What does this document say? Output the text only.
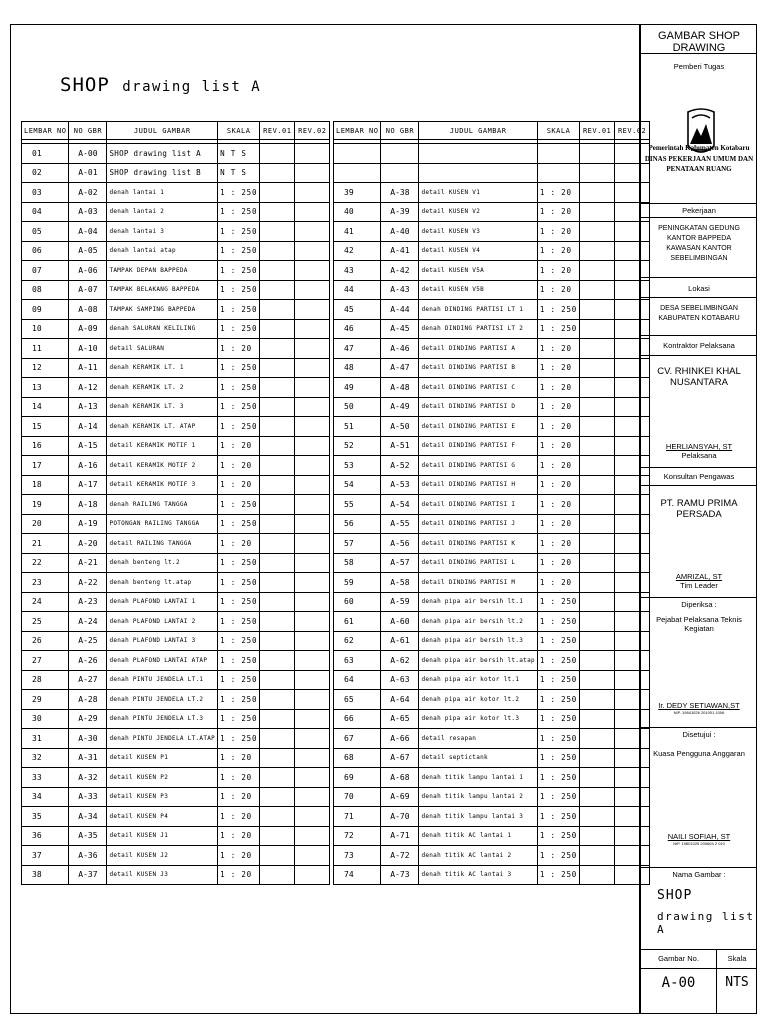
SHOP drawing list A
LEMBAR NO	NO GBR	JUDUL GAMBAR	SKALA	REV.01	REV.02

01	A-00	SHOP drawing list A	N T S		
02	A-01	SHOP drawing list B	N T S		
03	A-02	denah lantai 1	1 : 250		
04	A-03	denah lantai 2	1 : 250		
05	A-04	denah lantai 3	1 : 250		
06	A-05	denah lantai atap	1 : 250		
07	A-06	TAMPAK DEPAN BAPPEDA	1 : 250		
08	A-07	TAMPAK BELAKANG BAPPEDA	1 : 250		
09	A-08	TAMPAK SAMPING BAPPEDA	1 : 250		
10	A-09	denah SALURAN KELILING	1 : 250		
11	A-10	detail SALURAN	1 : 20		
12	A-11	denah KERAMIK LT. 1	1 : 250		
13	A-12	denah KERAMIK LT. 2	1 : 250		
14	A-13	denah KERAMIK LT. 3	1 : 250		
15	A-14	denah KERAMIK LT. ATAP	1 : 250		
16	A-15	detail KERAMIK MOTIF 1	1 : 20		
17	A-16	detail KERAMIK MOTIF 2	1 : 20		
18	A-17	detail KERAMIK MOTIF 3	1 : 20		
19	A-18	denah RAILING TANGGA	1 : 250		
20	A-19	POTONGAN RAILING TANGGA	1 : 250		
21	A-20	detail RAILING TANGGA	1 : 20		
22	A-21	denah benteng lt.2	1 : 250		
23	A-22	denah benteng lt.atap	1 : 250		
24	A-23	denah PLAFOND LANTAI 1	1 : 250		
25	A-24	denah PLAFOND LANTAI 2	1 : 250		
26	A-25	denah PLAFOND LANTAI 3	1 : 250		
27	A-26	denah PLAFOND LANTAI ATAP	1 : 250		
28	A-27	denah PINTU JENDELA LT.1	1 : 250		
29	A-28	denah PINTU JENDELA LT.2	1 : 250		
30	A-29	denah PINTU JENDELA LT.3	1 : 250		
31	A-30	denah PINTU JENDELA LT.ATAP	1 : 250		
32	A-31	detail KUSEN P1	1 : 20		
33	A-32	detail KUSEN P2	1 : 20		
34	A-33	detail KUSEN P3	1 : 20		
35	A-34	detail KUSEN P4	1 : 20		
36	A-35	detail KUSEN J1	1 : 20		
37	A-36	detail KUSEN J2	1 : 20		
38	A-37	detail KUSEN J3	1 : 20		
LEMBAR NO	NO GBR	JUDUL GAMBAR	SKALA	REV.01	REV.02

39	A-38	detail KUSEN V1	1 : 20		
40	A-39	detail KUSEN V2	1 : 20		
41	A-40	detail KUSEN V3	1 : 20		
42	A-41	detail KUSEN V4	1 : 20		
43	A-42	detail KUSEN V5A	1 : 20		
44	A-43	detail KUSEN V5B	1 : 20		
45	A-44	denah DINDING PARTISI LT 1	1 : 250		
46	A-45	denah DINDING PARTISI LT 2	1 : 250		
47	A-46	detail DINDING PARTISI A	1 : 20		
48	A-47	detail DINDING PARTISI B	1 : 20		
49	A-48	detail DINDING PARTISI C	1 : 20		
50	A-49	detail DINDING PARTISI D	1 : 20		
51	A-50	detail DINDING PARTISI E	1 : 20		
52	A-51	detail DINDING PARTISI F	1 : 20		
53	A-52	detail DINDING PARTISI G	1 : 20		
54	A-53	detail DINDING PARTISI H	1 : 20		
55	A-54	detail DINDING PARTISI I	1 : 20		
56	A-55	detail DINDING PARTISI J	1 : 20		
57	A-56	detail DINDING PARTISI K	1 : 20		
58	A-57	detail DINDING PARTISI L	1 : 20		
59	A-58	detail DINDING PARTISI M	1 : 20		
60	A-59	denah pipa air bersih lt.1	1 : 250		
61	A-60	denah pipa air bersih lt.2	1 : 250		
62	A-61	denah pipa air bersih lt.3	1 : 250		
63	A-62	denah pipa air bersih lt.atap	1 : 250		
64	A-63	denah pipa air kotor lt.1	1 : 250		
65	A-64	denah pipa air kotor lt.2	1 : 250		
66	A-65	denah pipa air kotor lt.3	1 : 250		
67	A-66	detail resapan	1 : 250		
68	A-67	detail septictank	1 : 250		
69	A-68	denah titik lampu lantai 1	1 : 250		
70	A-69	denah titik lampu lantai 2	1 : 250		
71	A-70	denah titik lampu lantai 3	1 : 250		
72	A-71	denah titik AC lantai 1	1 : 250		
73	A-72	denah titik AC lantai 2	1 : 250		
74	A-73	denah titik AC lantai 3	1 : 250		
GAMBAR SHOP DRAWING
Pemberi Tugas
Pemerintah Kabupaten Kotabaru
DINAS PEKERJAAN UMUM DAN
PENATAAN RUANG
Pekerjaan
PENINGKATAN GEDUNG
KANTOR BAPPEDA
KAWASAN KANTOR SEBELIMBINGAN
Lokasi
DESA SEBELIMBINGAN
KABUPATEN KOTABARU
Kontraktor Pelaksana
CV. RHINKEI KHAL NUSANTARA
HERLIANSYAH, ST
Pelaksana
Konsultan Pengawas
PT. RAMU PRIMA PERSADA
AMRIZAL, ST
Tim Leader
Diperiksa :
Pejabat Pelaksana Teknis Kegiatan
Ir. DEDY SETIAWAN,ST
NIP. 19841026 201001 1006
Disetujui :
Kuasa Pengguna Anggaran
NAILI SOFIAH, ST
NIP. 19801025 200604 2 010
Nama Gambar :
SHOP
drawing list A
Gambar No.
A-00
Skala
NTS
